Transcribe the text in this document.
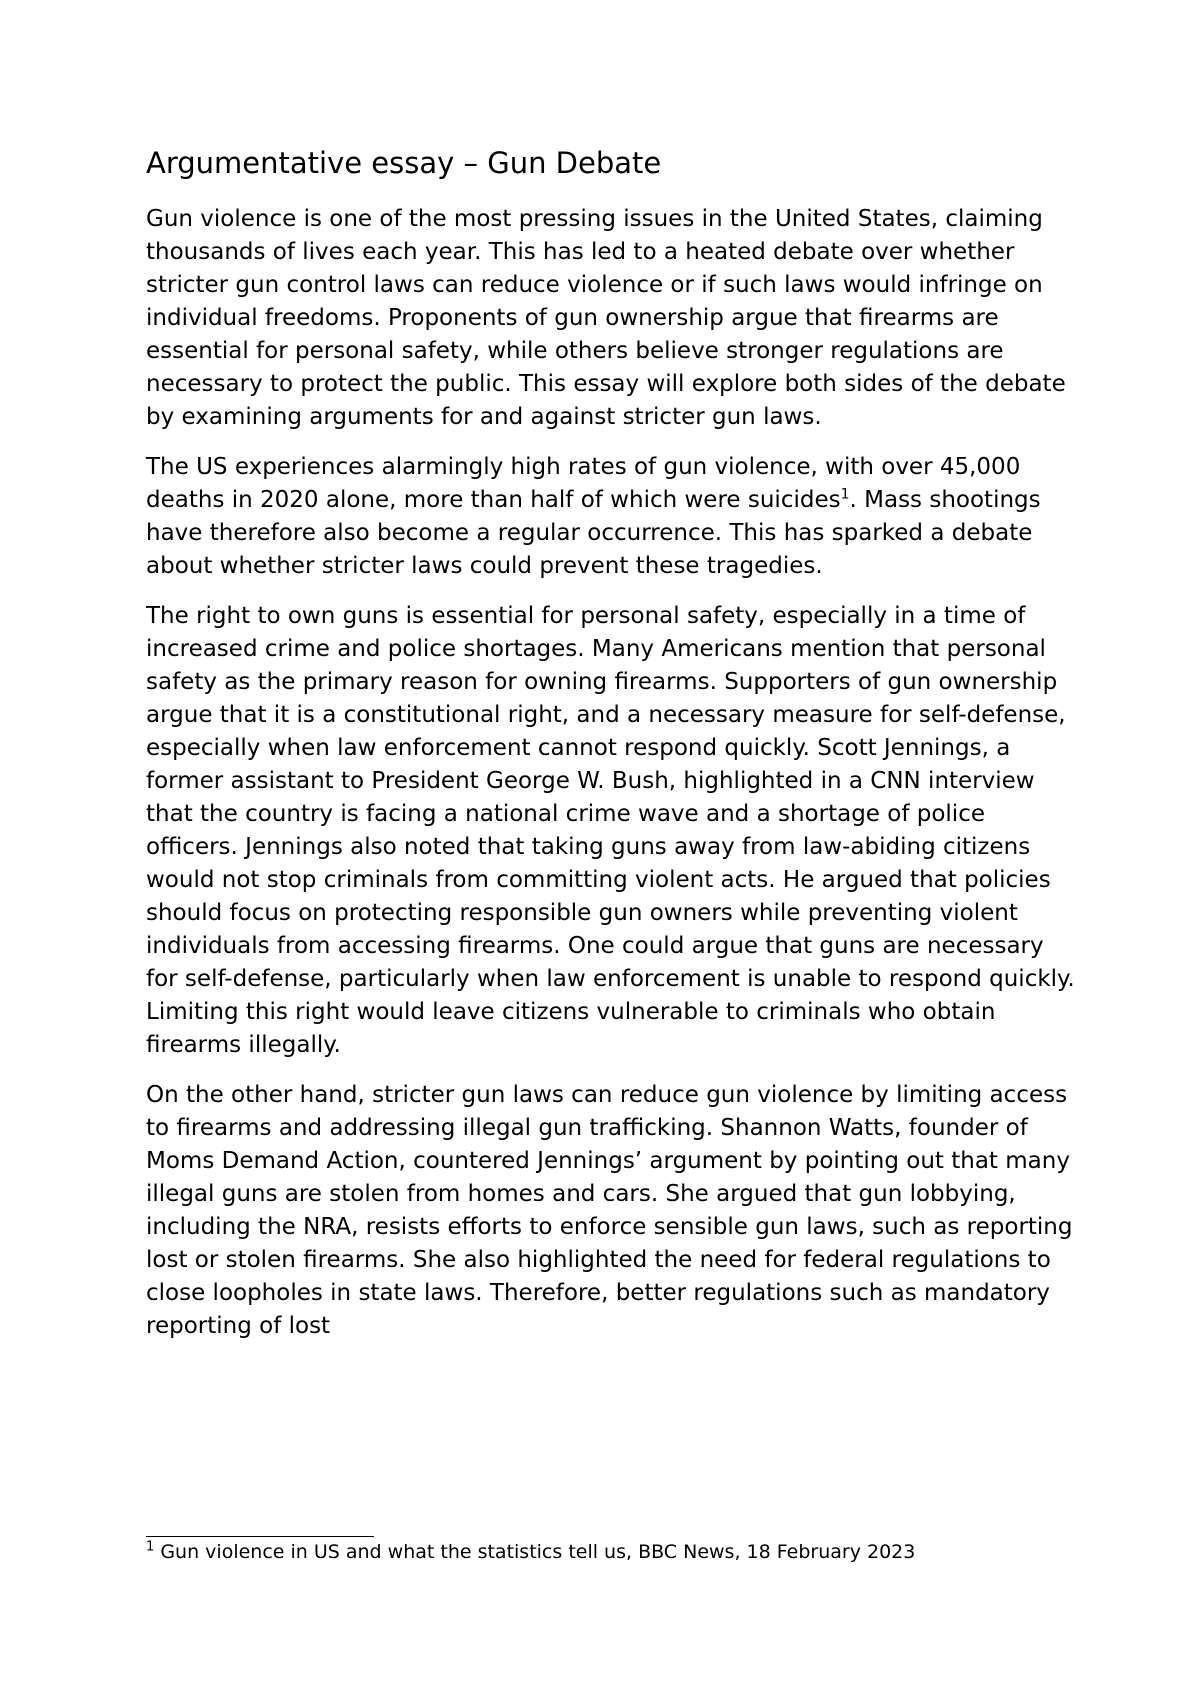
Argumentative essay – Gun Debate

Gun violence is one of the most pressing issues in the United States, claiming thousands of lives each year. This has led to a heated debate over whether stricter gun control laws can reduce violence or if such laws would infringe on individual freedoms. Proponents of gun ownership argue that firearms are essential for personal safety, while others believe stronger regulations are necessary to protect the public. This essay will explore both sides of the debate by examining arguments for and against stricter gun laws.

The US experiences alarmingly high rates of gun violence, with over 45,000 deaths in 2020 alone, more than half of which were suicides$^1$. Mass shootings have therefore also become a regular occurrence. This has sparked a debate about whether stricter laws could prevent these tragedies.

The right to own guns is essential for personal safety, especially in a time of increased crime and police shortages. Many Americans mention that personal safety as the primary reason for owning firearms. Supporters of gun ownership argue that it is a constitutional right, and a necessary measure for self-defense, especially when law enforcement cannot respond quickly. Scott Jennings, a former assistant to President George W. Bush, highlighted in a CNN interview that the country is facing a national crime wave and a shortage of police officers. Jennings also noted that taking guns away from law-abiding citizens would not stop criminals from committing violent acts. He argued that policies should focus on protecting responsible gun owners while preventing violent individuals from accessing firearms. One could argue that guns are necessary for self-defense, particularly when law enforcement is unable to respond quickly. Limiting this right would leave citizens vulnerable to criminals who obtain firearms illegally.

On the other hand, stricter gun laws can reduce gun violence by limiting access to firearms and addressing illegal gun trafficking. Shannon Watts, founder of Moms Demand Action, countered Jennings’ argument by pointing out that many illegal guns are stolen from homes and cars. She argued that gun lobbying, including the NRA, resists efforts to enforce sensible gun laws, such as reporting lost or stolen firearms. She also highlighted the need for federal regulations to close loopholes in state laws. Therefore, better regulations such as mandatory reporting of lost

$^1$ Gun violence in US and what the statistics tell us, BBC News, 18 February 2023
